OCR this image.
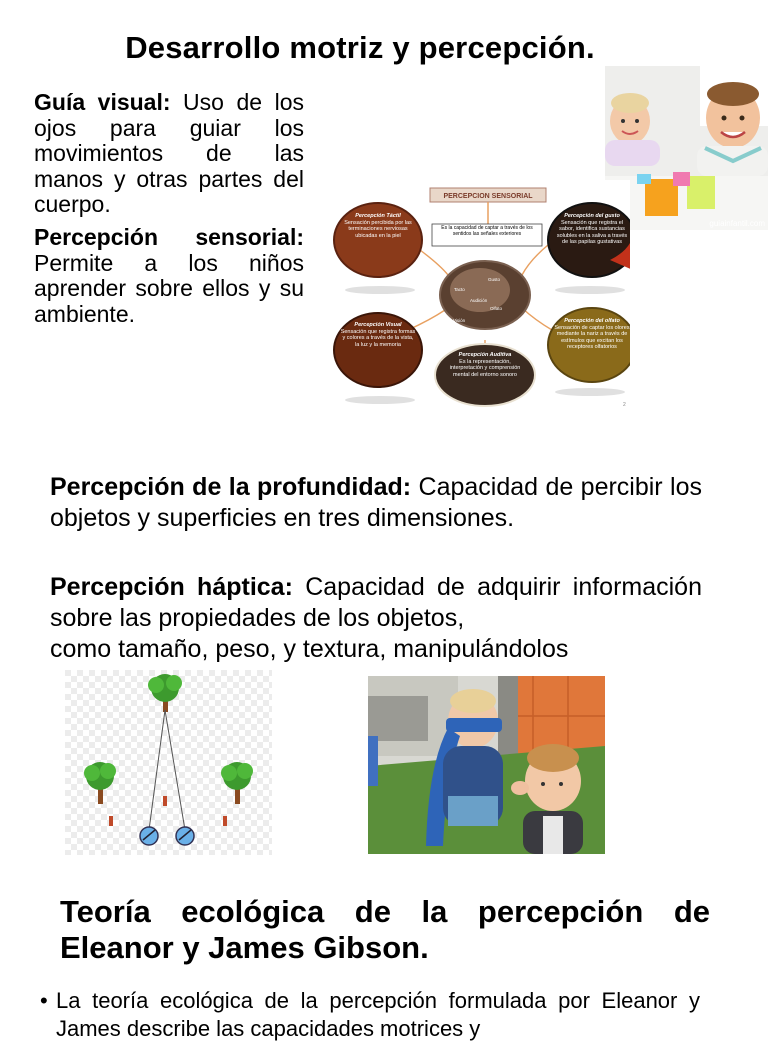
Desarrollo motriz y percepción.
Guía visual: Uso de los ojos para guiar los movimientos de las manos y otras partes del cuerpo.
Percepción sensorial: Permite a los niños aprender sobre ellos y su ambiente.
guiainfantil.com
PERCEPCION SENSORIAL
Es la capacidad de captar a través de los sentidos las señales exteriores
Gusto
Tacto
Olfato
Visión
Audición
Percepción Táctil
Sensación percibida por las terminaciones nerviosas ubicadas en la piel
Percepción del gusto
Sensación que registra el sabor, identifica sustancias solubles en la saliva a través de las papilas gustativas
Percepción Visual
Sensación que registra formas y colores a través de la vista, la luz y la memoria
Percepción del olfato
Sensación de captar los olores mediante la nariz a través de estímulos que excitan los receptores olfatorios
Percepción Auditiva
Es la representación, interpretación y comprensión mental del entorno sonoro
2
Percepción de la profundidad: Capacidad de percibir los objetos y superficies en tres dimensiones.
Percepción háptica: Capacidad de adquirir información sobre las propiedades de los objetos,
como tamaño, peso, y textura, manipulándolos
Teoría ecológica de la percepción de Eleanor y James Gibson.
• La teoría ecológica de la percepción formulada por Eleanor y James describe las capacidades motrices y
